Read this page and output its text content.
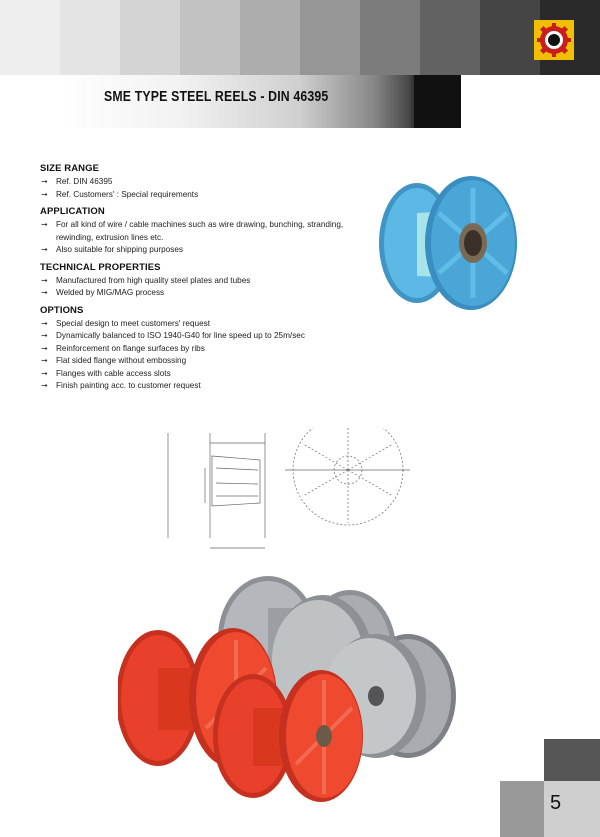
SME TYPE STEEL REELS - DIN 46395
SIZE RANGE
➞ Ref. DIN 46395
➞ Ref. Customers' : Special requirements
APPLICATION
➞ For all kind of wire / cable machines such as wire drawing, bunching, stranding, rewinding, extrusion lines etc.
➞ Also suitable for shipping purposes
TECHNICAL PROPERTIES
➞ Manufactured from high quality steel plates and tubes
➞ Welded by MIG/MAG process
OPTIONS
➞ Special design to meet customers' request
➞ Dynamically balanced to ISO 1940-G40 for line speed up to 25m/sec
➞ Reinforcement on flange surfaces by ribs
➞ Flat sided flange without embossing
➞ Flanges with cable access slots
➞ Finish painting acc. to customer request
5
